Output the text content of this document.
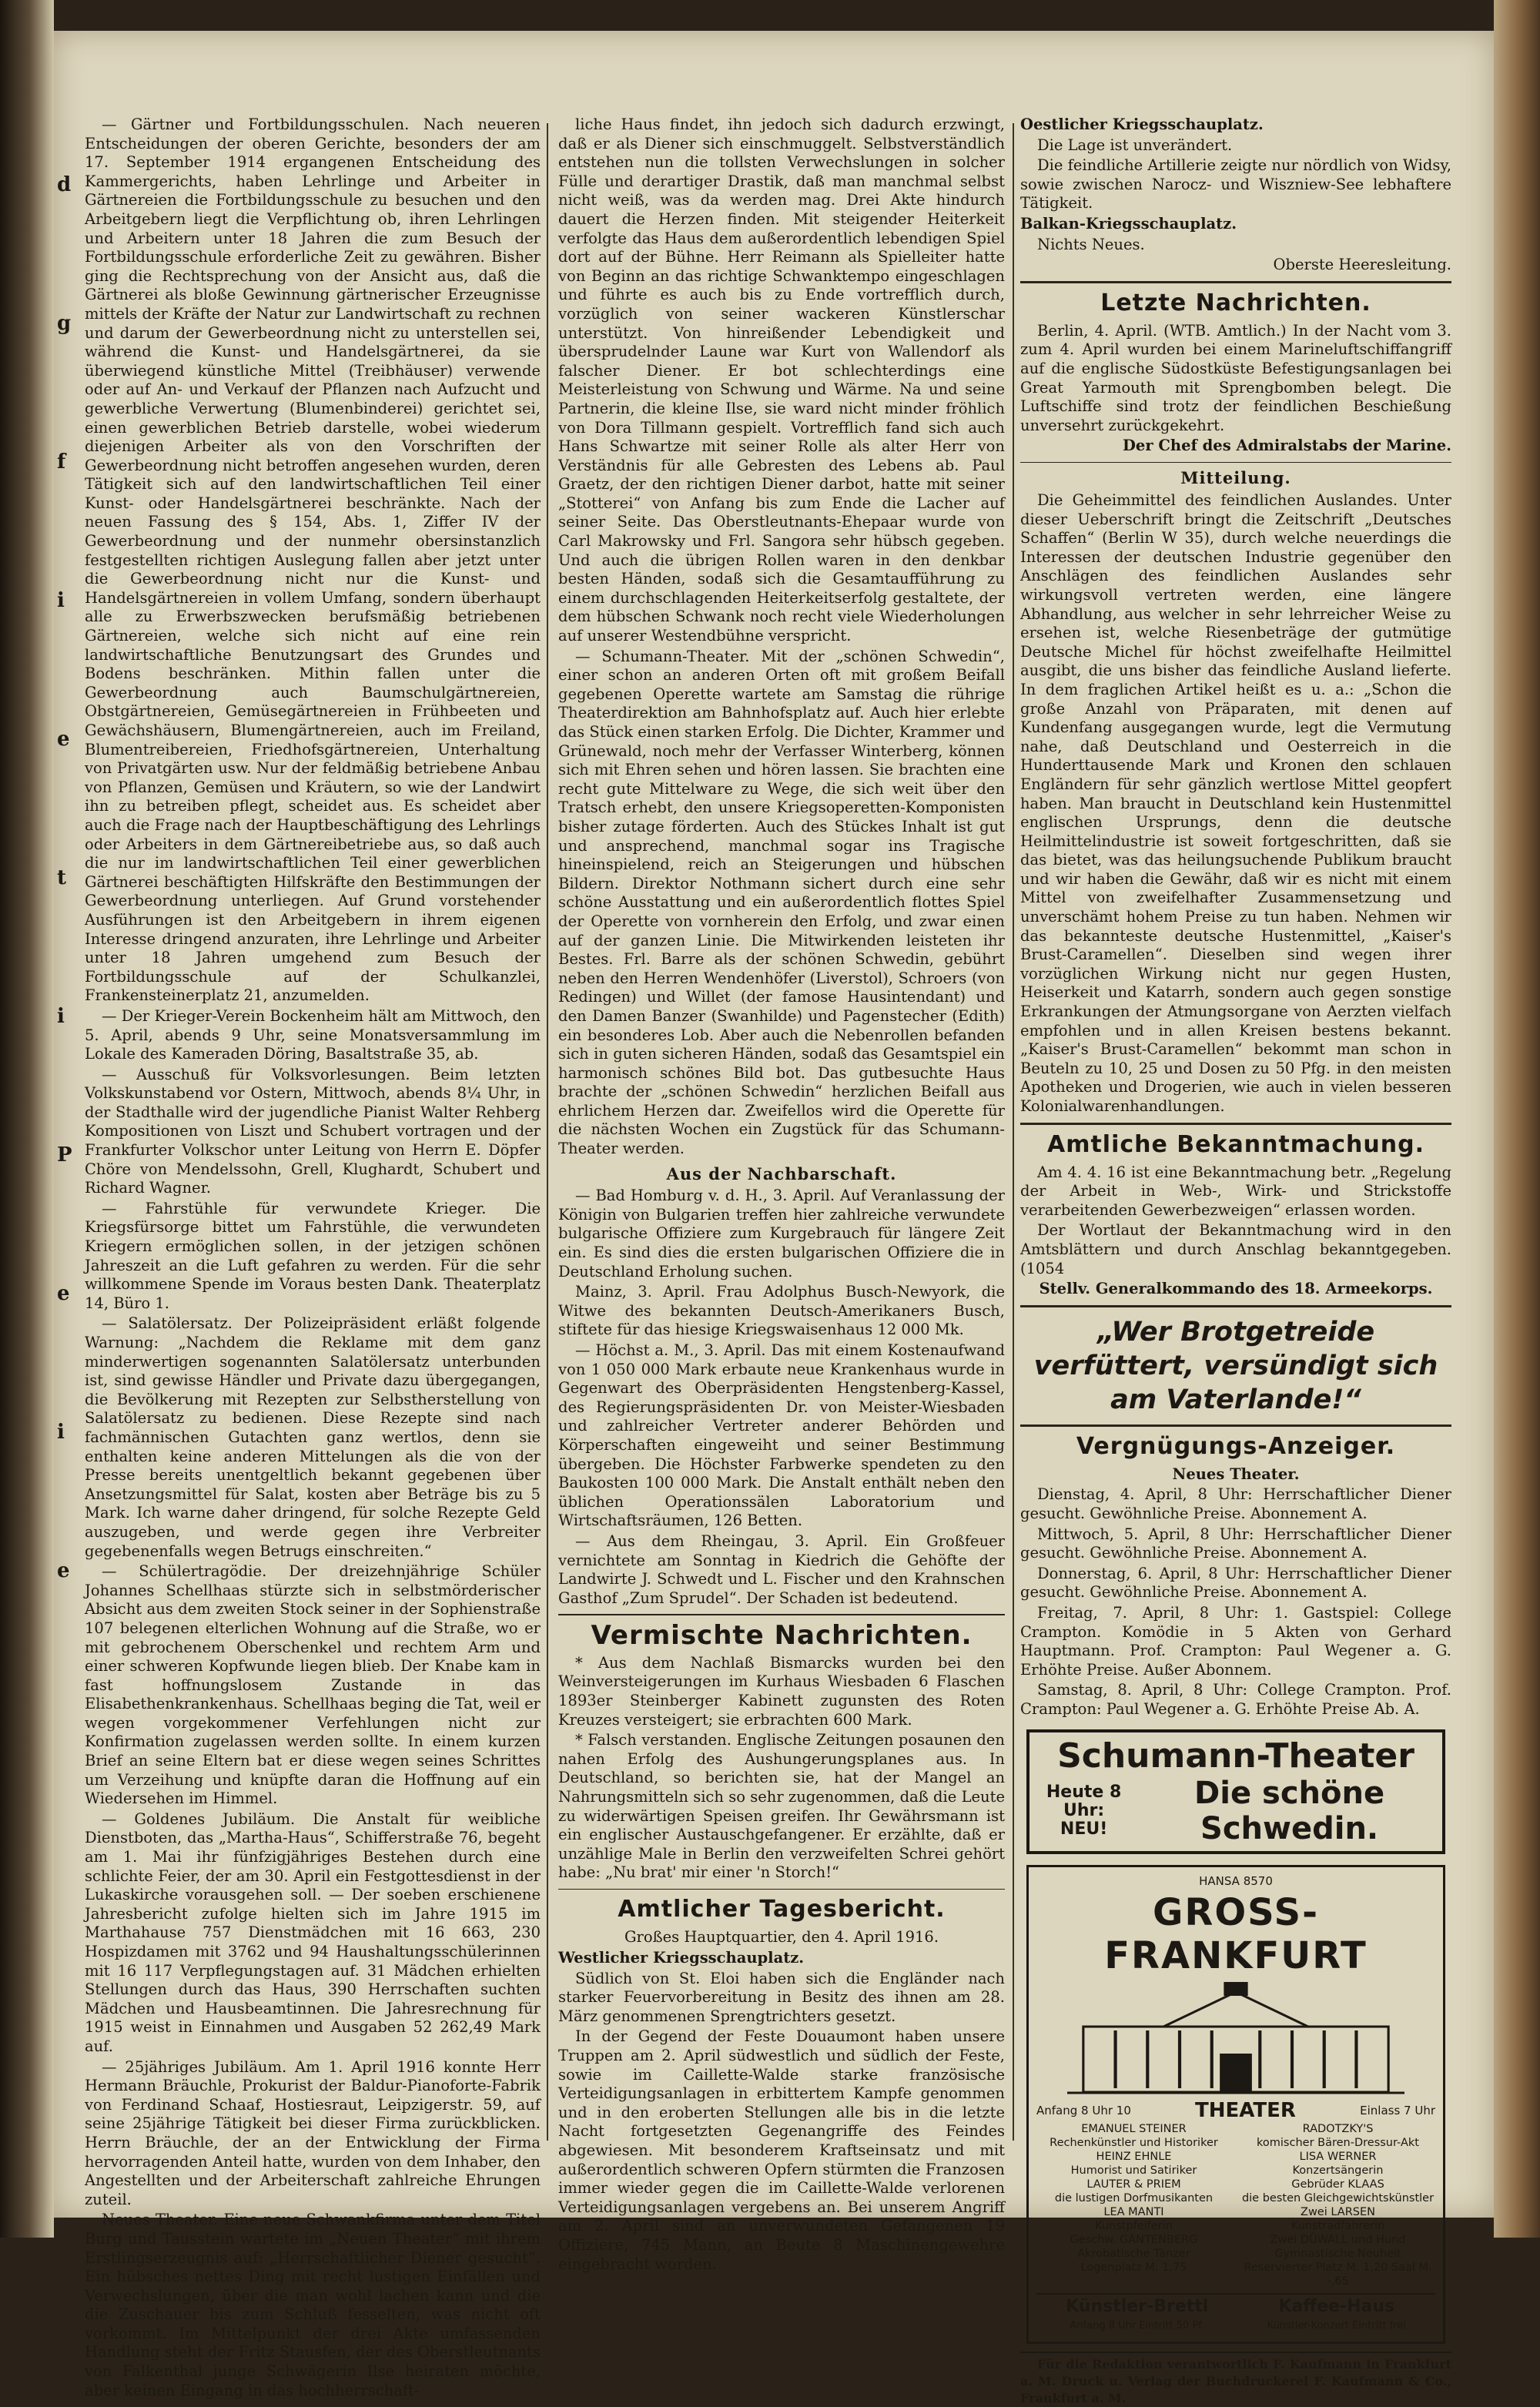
d
g
f
i
e
t
i
P
e
i
e

— Gärtner und Fortbildungsschulen. Nach neueren Entscheidungen der oberen Gerichte, besonders der am 17. September 1914 ergangenen Entscheidung des Kammergerichts, haben Lehrlinge und Arbeiter in Gärtnereien die Fortbildungsschule zu besuchen und den Arbeitgebern liegt die Verpflichtung ob, ihren Lehrlingen und Arbeitern unter 18 Jahren die zum Besuch der Fortbildungsschule erforderliche Zeit zu gewähren. Bisher ging die Rechtsprechung von der Ansicht aus, daß die Gärtnerei als bloße Gewinnung gärtnerischer Erzeugnisse mittels der Kräfte der Natur zur Landwirtschaft zu rechnen und darum der Gewerbeordnung nicht zu unterstellen sei, während die Kunst- und Handelsgärtnerei, da sie überwiegend künstliche Mittel (Treibhäuser) verwende oder auf An- und Verkauf der Pflanzen nach Aufzucht und gewerbliche Verwertung (Blumenbinderei) gerichtet sei, einen gewerblichen Betrieb darstelle, wobei wiederum diejenigen Arbeiter als von den Vorschriften der Gewerbeordnung nicht betroffen angesehen wurden, deren Tätigkeit sich auf den landwirtschaftlichen Teil einer Kunst- oder Handelsgärtnerei beschränkte. Nach der neuen Fassung des § 154, Abs. 1, Ziffer IV der Gewerbeordnung und der nunmehr obersinstanzlich festgestellten richtigen Auslegung fallen aber jetzt unter die Gewerbeordnung nicht nur die Kunst- und Handelsgärtnereien in vollem Umfang, sondern überhaupt alle zu Erwerbszwecken berufsmäßig betriebenen Gärtnereien, welche sich nicht auf eine rein landwirtschaftliche Benutzungsart des Grundes und Bodens beschränken. Mithin fallen unter die Gewerbeordnung auch Baumschulgärtnereien, Obstgärtnereien, Gemüsegärtnereien in Frühbeeten und Gewächshäusern, Blumengärtnereien, auch im Freiland, Blumentreibereien, Friedhofsgärtnereien, Unterhaltung von Privatgärten usw. Nur der feldmäßig betriebene Anbau von Pflanzen, Gemüsen und Kräutern, so wie der Landwirt ihn zu betreiben pflegt, scheidet aus. Es scheidet aber auch die Frage nach der Hauptbeschäftigung des Lehrlings oder Arbeiters in dem Gärtnereibetriebe aus, so daß auch die nur im landwirtschaftlichen Teil einer gewerblichen Gärtnerei beschäftigten Hilfskräfte den Bestimmungen der Gewerbeordnung unterliegen. Auf Grund vorstehender Ausführungen ist den Arbeitgebern in ihrem eigenen Interesse dringend anzuraten, ihre Lehrlinge und Arbeiter unter 18 Jahren umgehend zum Besuch der Fortbildungsschule auf der Schulkanzlei, Frankensteinerplatz 21, anzumelden.

— Der Krieger-Verein Bockenheim hält am Mittwoch, den 5. April, abends 9 Uhr, seine Monatsversammlung im Lokale des Kameraden Döring, Basaltstraße 35, ab.

— Ausschuß für Volksvorlesungen. Beim letzten Volkskunstabend vor Ostern, Mittwoch, abends 8¼ Uhr, in der Stadthalle wird der jugendliche Pianist Walter Rehberg Kompositionen von Liszt und Schubert vortragen und der Frankfurter Volkschor unter Leitung von Herrn E. Döpfer Chöre von Mendelssohn, Grell, Klughardt, Schubert und Richard Wagner.

— Fahrstühle für verwundete Krieger. Die Kriegsfürsorge bittet um Fahrstühle, die verwundeten Kriegern ermöglichen sollen, in der jetzigen schönen Jahreszeit an die Luft gefahren zu werden. Für die sehr willkommene Spende im Voraus besten Dank. Theaterplatz 14, Büro 1.

— Salatölersatz. Der Polizeipräsident erläßt folgende Warnung: „Nachdem die Reklame mit dem ganz minderwertigen sogenannten Salatölersatz unterbunden ist, sind gewisse Händler und Private dazu übergegangen, die Bevölkerung mit Rezepten zur Selbstherstellung von Salatölersatz zu bedienen. Diese Rezepte sind nach fachmännischen Gutachten ganz wertlos, denn sie enthalten keine anderen Mittelungen als die von der Presse bereits unentgeltlich bekannt gegebenen über Ansetzungsmittel für Salat, kosten aber Beträge bis zu 5 Mark. Ich warne daher dringend, für solche Rezepte Geld auszugeben, und werde gegen ihre Verbreiter gegebenenfalls wegen Betrugs einschreiten.“

— Schülertragödie. Der dreizehnjährige Schüler Johannes Schellhaas stürzte sich in selbstmörderischer Absicht aus dem zweiten Stock seiner in der Sophienstraße 107 belegenen elterlichen Wohnung auf die Straße, wo er mit gebrochenem Oberschenkel und rechtem Arm und einer schweren Kopfwunde liegen blieb. Der Knabe kam in fast hoffnungslosem Zustande in das Elisabethenkrankenhaus. Schellhaas beging die Tat, weil er wegen vorgekommener Verfehlungen nicht zur Konfirmation zugelassen werden sollte. In einem kurzen Brief an seine Eltern bat er diese wegen seines Schrittes um Verzeihung und knüpfte daran die Hoffnung auf ein Wiedersehen im Himmel.

— Goldenes Jubiläum. Die Anstalt für weibliche Dienstboten, das „Martha-Haus“, Schifferstraße 76, begeht am 1. Mai ihr fünfzigjähriges Bestehen durch eine schlichte Feier, der am 30. April ein Festgottesdienst in der Lukaskirche vorausgehen soll. — Der soeben erschienene Jahresbericht zufolge hielten sich im Jahre 1915 im Marthahause 757 Dienstmädchen mit 16 663, 230 Hospizdamen mit 3762 und 94 Haushaltungsschülerinnen mit 16 117 Verpflegungstagen auf. 31 Mädchen erhielten Stellungen durch das Haus, 390 Herrschaften suchten Mädchen und Hausbeamtinnen. Die Jahresrechnung für 1915 weist in Einnahmen und Ausgaben 52 262,49 Mark auf.

— 25jähriges Jubiläum. Am 1. April 1916 konnte Herr Hermann Bräuchle, Prokurist der Baldur-Pianoforte-Fabrik von Ferdinand Schaaf, Hostiesraut, Leipzigerstr. 59, auf seine 25jährige Tätigkeit bei dieser Firma zurückblicken. Herrn Bräuchle, der an der Entwicklung der Firma hervorragenden Anteil hatte, wurden von dem Inhaber, den Angestellten und der Arbeiterschaft zahlreiche Ehrungen zuteil.

Neues Theater. Eine neue Schwankfirma unter dem Titel Burg und Tausstein wartete im „Neuen Theater“ mit ihrem Erstlingserzeugnis auf: „Herrschaftlicher Diener gesucht“. Ein hübsches nettes Ding mit recht lustigen Einfällen und Verwechslungen, über die man wohl lachen kann und die die Zuschauer bis zum Schluß fesselten, was nicht oft vorkommt. Im Mittelpunkt der drei Akte umfassenden Handlung steht der Fritz Stausfen, der des Oberstleutnants von Falkenthal junge Schwägerin Ilse heiraten möchte, aber keinen Eingang in das hochherrschaft-

liche Haus findet, ihn jedoch sich dadurch erzwingt, daß er als Diener sich einschmuggelt. Selbstverständlich entstehen nun die tollsten Verwechslungen in solcher Fülle und derartiger Drastik, daß man manchmal selbst nicht weiß, was da werden mag. Drei Akte hindurch dauert die Herzen finden. Mit steigender Heiterkeit verfolgte das Haus dem außerordentlich lebendigen Spiel dort auf der Bühne. Herr Reimann als Spielleiter hatte von Beginn an das richtige Schwanktempo eingeschlagen und führte es auch bis zu Ende vortrefflich durch, vorzüglich von seiner wackeren Künstlerschar unterstützt. Von hinreißender Lebendigkeit und übersprudelnder Laune war Kurt von Wallendorf als falscher Diener. Er bot schlechterdings eine Meisterleistung von Schwung und Wärme. Na und seine Partnerin, die kleine Ilse, sie ward nicht minder fröhlich von Dora Tillmann gespielt. Vortrefflich fand sich auch Hans Schwartze mit seiner Rolle als alter Herr von Verständnis für alle Gebresten des Lebens ab. Paul Graetz, der den richtigen Diener darbot, hatte mit seiner „Stotterei“ von Anfang bis zum Ende die Lacher auf seiner Seite. Das Oberstleutnants-Ehepaar wurde von Carl Makrowsky und Frl. Sangora sehr hübsch gegeben. Und auch die übrigen Rollen waren in den denkbar besten Händen, sodaß sich die Gesamtaufführung zu einem durchschlagenden Heiterkeitserfolg gestaltete, der dem hübschen Schwank noch recht viele Wiederholungen auf unserer Westendbühne verspricht.

— Schumann-Theater. Mit der „schönen Schwedin“, einer schon an anderen Orten oft mit großem Beifall gegebenen Operette wartete am Samstag die rührige Theaterdirektion am Bahnhofsplatz auf. Auch hier erlebte das Stück einen starken Erfolg. Die Dichter, Krammer und Grünewald, noch mehr der Verfasser Winterberg, können sich mit Ehren sehen und hören lassen. Sie brachten eine recht gute Mittelware zu Wege, die sich weit über den Tratsch erhebt, den unsere Kriegsoperetten-Komponisten bisher zutage förderten. Auch des Stückes Inhalt ist gut und ansprechend, manchmal sogar ins Tragische hineinspielend, reich an Steigerungen und hübschen Bildern. Direktor Nothmann sichert durch eine sehr schöne Ausstattung und ein außerordentlich flottes Spiel der Operette von vornherein den Erfolg, und zwar einen auf der ganzen Linie. Die Mitwirkenden leisteten ihr Bestes. Frl. Barre als der schönen Schwedin, gebührt neben den Herren Wendenhöfer (Liverstol), Schroers (von Redingen) und Willet (der famose Hausintendant) und den Damen Banzer (Swanhilde) und Pagenstecher (Edith) ein besonderes Lob. Aber auch die Nebenrollen befanden sich in guten sicheren Händen, sodaß das Gesamtspiel ein harmonisch schönes Bild bot. Das gutbesuchte Haus brachte der „schönen Schwedin“ herzlichen Beifall aus ehrlichem Herzen dar. Zweifellos wird die Operette für die nächsten Wochen ein Zugstück für das Schumann-Theater werden.

Aus der Nachbarschaft.

— Bad Homburg v. d. H., 3. April. Auf Veranlassung der Königin von Bulgarien treffen hier zahlreiche verwundete bulgarische Offiziere zum Kurgebrauch für längere Zeit ein. Es sind dies die ersten bulgarischen Offiziere die in Deutschland Erholung suchen.

Mainz, 3. April. Frau Adolphus Busch-Newyork, die Witwe des bekannten Deutsch-Amerikaners Busch, stiftete für das hiesige Kriegswaisenhaus 12 000 Mk.

— Höchst a. M., 3. April. Das mit einem Kostenaufwand von 1 050 000 Mark erbaute neue Krankenhaus wurde in Gegenwart des Oberpräsidenten Hengstenberg-Kassel, des Regierungspräsidenten Dr. von Meister-Wiesbaden und zahlreicher Vertreter anderer Behörden und Körperschaften eingeweiht und seiner Bestimmung übergeben. Die Höchster Farbwerke spendeten zu den Baukosten 100 000 Mark. Die Anstalt enthält neben den üblichen Operationssälen Laboratorium und Wirtschaftsräumen, 126 Betten.

— Aus dem Rheingau, 3. April. Ein Großfeuer vernichtete am Sonntag in Kiedrich die Gehöfte der Landwirte J. Schwedt und L. Fischer und den Krahnschen Gasthof „Zum Sprudel“. Der Schaden ist bedeutend.

Vermischte Nachrichten.

* Aus dem Nachlaß Bismarcks wurden bei den Weinversteigerungen im Kurhaus Wiesbaden 6 Flaschen 1893er Steinberger Kabinett zugunsten des Roten Kreuzes versteigert; sie erbrachten 600 Mark.

* Falsch verstanden. Englische Zeitungen posaunen den nahen Erfolg des Aushungerungsplanes aus. In Deutschland, so berichten sie, hat der Mangel an Nahrungsmitteln sich so sehr zugenommen, daß die Leute zu widerwärtigen Speisen greifen. Ihr Gewährsmann ist ein englischer Austauschgefangener. Er erzählte, daß er unzählige Male in Berlin den verzweifelten Schrei gehört habe: „Nu brat' mir einer 'n Storch!“

Amtlicher Tagesbericht.

Großes Hauptquartier, den 4. April 1916.

Westlicher Kriegsschauplatz.

Südlich von St. Eloi haben sich die Engländer nach starker Feuervorbereitung in Besitz des ihnen am 28. März genommenen Sprengtrichters gesetzt.

In der Gegend der Feste Douaumont haben unsere Truppen am 2. April südwestlich und südlich der Feste, sowie im Caillette-Walde starke französische Verteidigungsanlagen in erbittertem Kampfe genommen und in den eroberten Stellungen alle bis in die letzte Nacht fortgesetzten Gegenangriffe des Feindes abgewiesen. Mit besonderem Kraftseinsatz und mit außerordentlich schweren Opfern stürmten die Franzosen immer wieder gegen die im Caillette-Walde verlorenen Verteidigungsanlagen vergebens an. Bei unserem Angriff am 2. April sind an unverwundeten Gefangenen 19 Offiziere, 745 Mann, an Beute 8 Maschinengewehre eingebracht worden.

Oestlicher Kriegsschauplatz.

Die Lage ist unverändert.

Die feindliche Artillerie zeigte nur nördlich von Widsy, sowie zwischen Narocz- und Wiszniew-See lebhaftere Tätigkeit.

Balkan-Kriegsschauplatz.

Nichts Neues.

Oberste Heeresleitung.

Letzte Nachrichten.

Berlin, 4. April. (WTB. Amtlich.) In der Nacht vom 3. zum 4. April wurden bei einem Marineluftschiffangriff auf die englische Südostküste Befestigungsanlagen bei Great Yarmouth mit Sprengbomben belegt. Die Luftschiffe sind trotz der feindlichen Beschießung unversehrt zurückgekehrt.

Der Chef des Admiralstabs der Marine.

Mitteilung.

Die Geheimmittel des feindlichen Auslandes. Unter dieser Ueberschrift bringt die Zeitschrift „Deutsches Schaffen“ (Berlin W 35), durch welche neuerdings die Interessen der deutschen Industrie gegenüber den Anschlägen des feindlichen Auslandes sehr wirkungsvoll vertreten werden, eine längere Abhandlung, aus welcher in sehr lehrreicher Weise zu ersehen ist, welche Riesenbeträge der gutmütige Deutsche Michel für höchst zweifelhafte Heilmittel ausgibt, die uns bisher das feindliche Ausland lieferte. In dem fraglichen Artikel heißt es u. a.: „Schon die große Anzahl von Präparaten, mit denen auf Kundenfang ausgegangen wurde, legt die Vermutung nahe, daß Deutschland und Oesterreich in die Hunderttausende Mark und Kronen den schlauen Engländern für sehr gänzlich wertlose Mittel geopfert haben. Man braucht in Deutschland kein Hustenmittel englischen Ursprungs, denn die deutsche Heilmittelindustrie ist soweit fortgeschritten, daß sie das bietet, was das heilungsuchende Publikum braucht und wir haben die Gewähr, daß wir es nicht mit einem Mittel von zweifelhafter Zusammensetzung und unverschämt hohem Preise zu tun haben. Nehmen wir das bekannteste deutsche Hustenmittel, „Kaiser's Brust-Caramellen“. Dieselben sind wegen ihrer vorzüglichen Wirkung nicht nur gegen Husten, Heiserkeit und Katarrh, sondern auch gegen sonstige Erkrankungen der Atmungsorgane von Aerzten vielfach empfohlen und in allen Kreisen bestens bekannt. „Kaiser's Brust-Caramellen“ bekommt man schon in Beuteln zu 10, 25 und Dosen zu 50 Pfg. in den meisten Apotheken und Drogerien, wie auch in vielen besseren Kolonialwarenhandlungen.

Amtliche Bekanntmachung.

Am 4. 4. 16 ist eine Bekanntmachung betr. „Regelung der Arbeit in Web-, Wirk- und Strickstoffe verarbeitenden Gewerbezweigen“ erlassen worden.

Der Wortlaut der Bekanntmachung wird in den Amtsblättern und durch Anschlag bekanntgegeben. (1054

Stellv. Generalkommando des 18. Armeekorps.

„Wer Brotgetreide verfüttert, versündigt sich am Vaterlande!“
Vergnügungs-Anzeiger.

Neues Theater.

Dienstag, 4. April, 8 Uhr: Herrschaftlicher Diener gesucht. Gewöhnliche Preise. Abonnement A.

Mittwoch, 5. April, 8 Uhr: Herrschaftlicher Diener gesucht. Gewöhnliche Preise. Abonnement A.

Donnerstag, 6. April, 8 Uhr: Herrschaftlicher Diener gesucht. Gewöhnliche Preise. Abonnement A.

Freitag, 7. April, 8 Uhr: 1. Gastspiel: College Crampton. Komödie in 5 Akten von Gerhard Hauptmann. Prof. Crampton: Paul Wegener a. G. Erhöhte Preise. Außer Abonnem.

Samstag, 8. April, 8 Uhr: College Crampton. Prof. Crampton: Paul Wegener a. G. Erhöhte Preise Ab. A.

Schumann-Theater
Heute 8 Uhr:
NEU!
Die schöne Schwedin.
HANSA 8570
GROSS-FRANKFURT
Anfang 8 Uhr 10	THEATER	Einlass 7 Uhr
EMANUEL STEINER
Rechenkünstler und Historiker
HEINZ EHNLE
Humorist und Satiriker
LAUTER & PRIEM
die lustigen Dorfmusikanten
LEA MANTI
Kunstpfeiferin
Geschw. GANTENBERG
Akrobatische Tänzer
Logenplatz M. 1,75
RADOTZKY'S
komischer Bären-Dressur-Akt
LISA WERNER
Konzertsängerin
Gebrüder KLAAS
die besten Gleichgewichtskünstler
Zwei LARSEN
Kunstradfahrerin
Zwei DÜWALL und Hund
Gymnastische Neuheit
Reservierter Platz M. 1,20 Saal M. -,65
Künstler-Brettl
Anfang 8 Uhr Eintritt 50 Pf.
Kaffee-Haus
Künstler-Konzert Eintritt frei

Für die Redaktion verantwortlich F. Kaufmann in Frankfurt a. M. Druck u. Verlag der Buchdruckerei F. Kaufmann & Co., Frankfurt a. M.
